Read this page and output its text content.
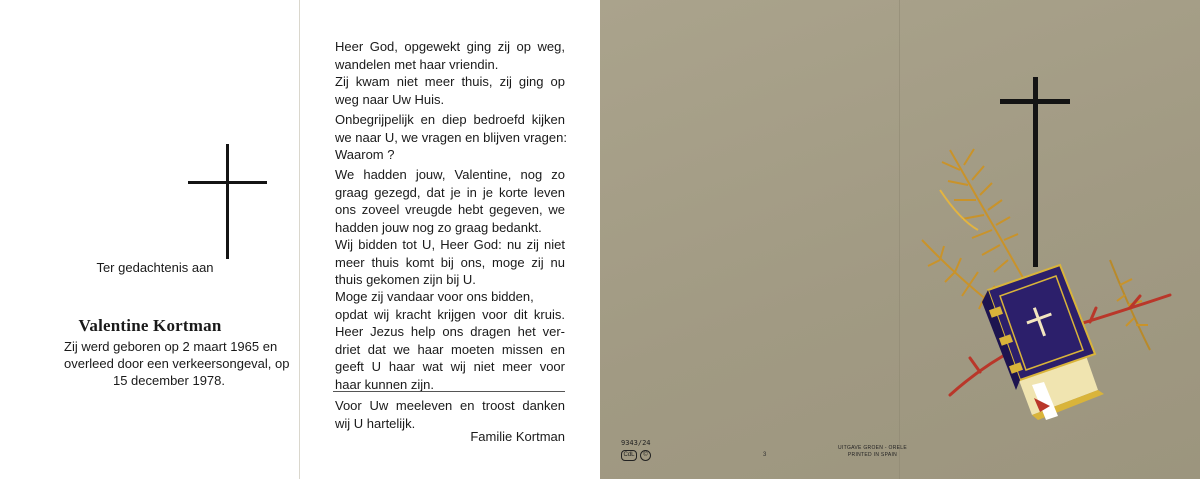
Ter gedachtenis aan
Valentine Kortman
Zij werd geboren op 2 maart 1965 en
overleed door een verkeersongeval, op
15 december 1978.
Heer God, opgewekt ging zij op weg,
wandelen met haar vriendin.
Zij kwam niet meer thuis, zij ging op
weg naar Uw Huis.
Onbegrijpelijk en diep bedroefd kijken
we naar U, we vragen en blijven vragen:
Waarom ?
We hadden jouw, Valentine, nog zo
graag gezegd, dat je in je korte leven
ons zoveel vreugde hebt gegeven, we
hadden jouw nog zo graag bedankt.
Wij bidden tot U, Heer God: nu zij niet
meer thuis komt bij ons, moge zij nu
thuis gekomen zijn bij U.
Moge zij vandaar voor ons bidden,
opdat wij kracht krijgen voor dit kruis.
Heer Jezus help ons dragen het ver-
driet dat we haar moeten missen en
geeft U haar wat wij niet meer voor
haar kunnen zijn.
Voor Uw meeleven en troost danken
wij U hartelijk.
Familie Kortman	9343/24
CdL	©	3
UITGAVE GROEN - ORELE
PRINTED IN SPAIN
